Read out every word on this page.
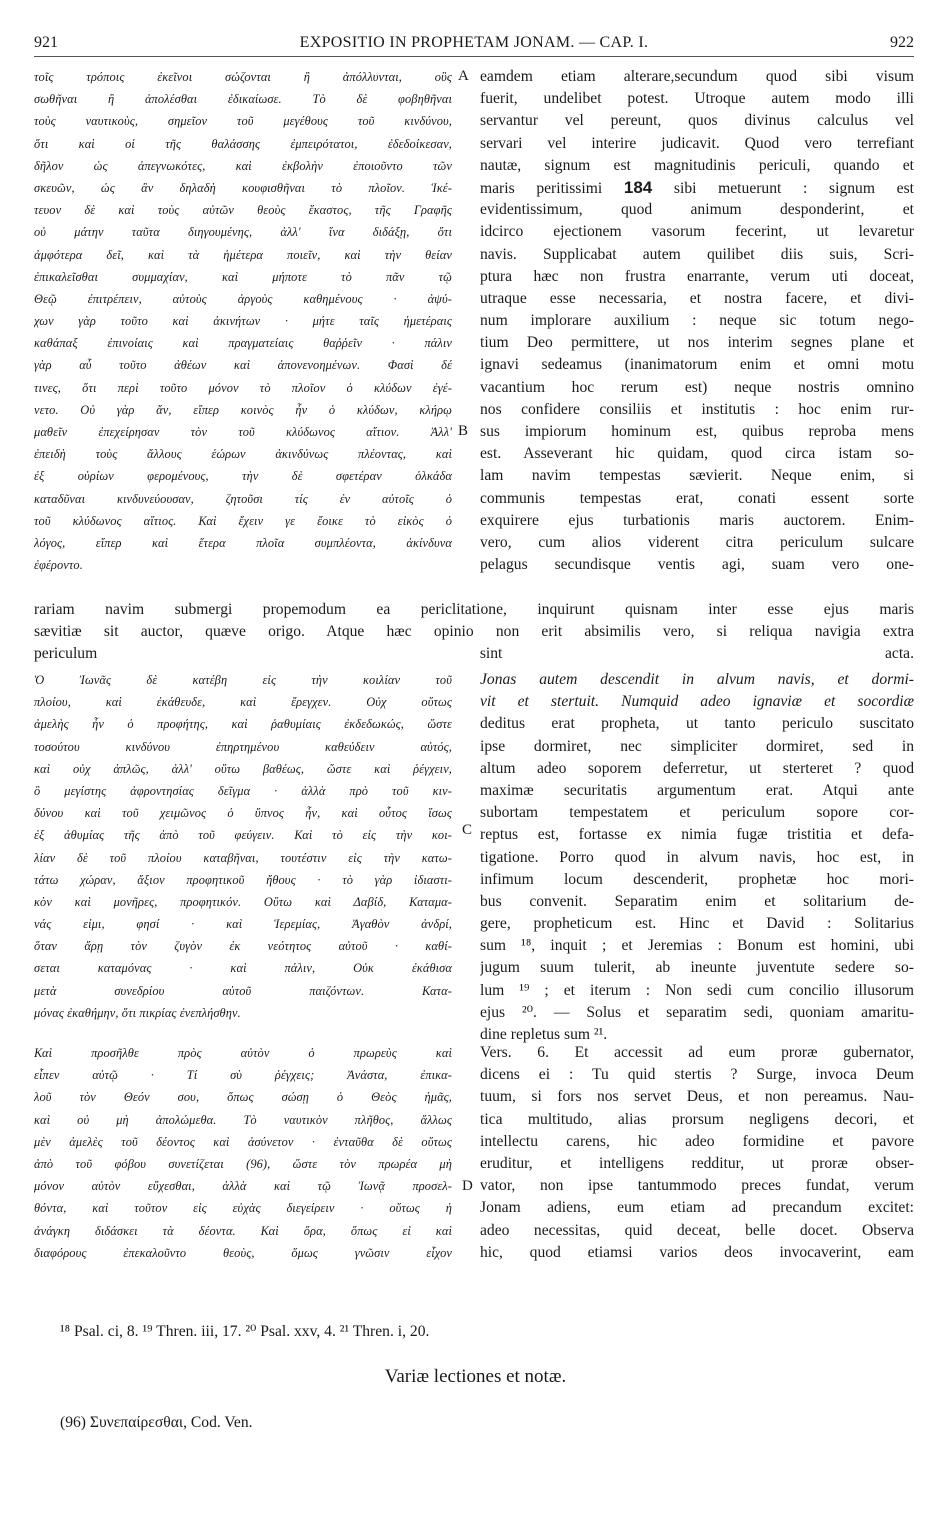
921	EXPOSITIO IN PROPHETAM JONAM. — CAP. I.	922
τοῖς τρόποις ἐκεῖνοι σώζονται ἢ ἀπόλλυνται, οὓς
σωθῆναι ἢ ἀπολέσθαι ἐδικαίωσε. Τὸ δὲ φοβηθῆναι
τοὺς ναυτικοὺς, σημεῖον τοῦ μεγέθους τοῦ κινδύνου,
ὅτι καὶ οἱ τῆς θαλάσσης ἐμπειρότατοι, ἐδεδοίκεσαν,
δῆλον ὡς ἀπεγνωκότες, καὶ ἐκβολὴν ἐποιοῦντο τῶν
σκευῶν, ὡς ἂν δηλαδὴ κουφισθῆναι τὸ πλοῖον. Ἱκέ-
τευον δὲ καὶ τοὺς αὐτῶν θεοὺς ἕκαστος, τῆς Γραφῆς
οὐ μάτην ταῦτα διηγουμένης, ἀλλ' ἵνα διδάξῃ, ὅτι
ἀμφότερα δεῖ, καὶ τὰ ἡμέτερα ποιεῖν, καὶ τὴν θείαν
ἐπικαλεῖσθαι συμμαχίαν, καὶ μήποτε τὸ πᾶν τῷ
Θεῷ ἐπιτρέπειν, αὐτοὺς ἀργοὺς καθημένους · ἀψύ-
χων γὰρ τοῦτο καὶ ἀκινήτων · μήτε ταῖς ἡμετέραις
καθάπαξ ἐπινοίαις καὶ πραγματείαις θαῤῥεῖν · πάλιν
γὰρ αὖ τοῦτο ἀθέων καὶ ἀπονενοημένων. Φασὶ δέ
τινες, ὅτι περὶ τοῦτο μόνον τὸ πλοῖον ὁ κλύδων ἐγέ-
νετο. Οὐ γὰρ ἄν, εἴπερ κοινὸς ἦν ὁ κλύδων, κλήρῳ
μαθεῖν ἐπεχείρησαν τὸν τοῦ κλύδωνος αἴτιον. Ἀλλ'
ἐπειδὴ τοὺς ἄλλους ἑώρων ἀκινδύνως πλέοντας, καὶ
ἐξ οὐρίων φερομένους, τὴν δὲ σφετέραν ὁλκάδα
καταδῦναι κινδυνεύουσαν, ζητοῦσι τίς ἐν αὐτοῖς ὁ
τοῦ κλύδωνος αἴτιος. Καὶ ἔχειν γε ἔοικε τὸ εἰκὸς ὁ
λόγος, εἴπερ καὶ ἕτερα πλοῖα συμπλέοντα, ἀκίνδυνα
ἐφέροντο.
A
B
eamdem etiam alterare,secundum quod sibi visum
fuerit, undelibet potest. Utroque autem modo illi
servantur vel pereunt, quos divinus calculus vel
servari vel interire judicavit. Quod vero terrefiant
nautæ, signum est magnitudinis periculi, quando et
maris peritissimi 184 sibi metuerunt : signum est
evidentissimum, quod animum desponderint, et
idcirco ejectionem vasorum fecerint, ut levaretur
navis. Supplicabat autem quilibet diis suis, Scri-
ptura hæc non frustra enarrante, verum uti doceat,
utraque esse necessaria, et nostra facere, et divi-
num implorare auxilium : neque sic totum nego-
tium Deo permittere, ut nos interim segnes plane et
ignavi sedeamus (inanimatorum enim et omni motu
vacantium hoc rerum est) neque nostris omnino
nos confidere consiliis et institutis : hoc enim rur-
sus impiorum hominum est, quibus reproba mens
est. Asseverant hic quidam, quod circa istam so-
lam navim tempestas sævierit. Neque enim, si
communis tempestas erat, conati essent sorte
exquirere ejus turbationis maris auctorem. Enim-
vero, cum alios viderent citra periculum sulcare
pelagus secundisque ventis agi, suam vero one-
rariam navim submergi propemodum ea periclitatione, inquirunt quisnam inter esse ejus maris
sævitiæ sit auctor, quæve origo. Atque hæc opinio non erit absimilis vero, si reliqua navigia extra
periculum sint acta.
Ὁ Ἰωνᾶς δὲ κατέβη εἰς τὴν κοιλίαν τοῦ
πλοίου, καὶ ἐκάθευδε, καὶ ἔρεγχεν. Οὐχ οὕτως
ἀμελὴς ἦν ὁ προφήτης, καὶ ῥαθυμίαις ἐκδεδωκώς, ὥστε
τοσούτου κινδύνου ἐπηρτημένου καθεύδειν αὐτός,
καὶ οὐχ ἁπλῶς, ἀλλ' οὕτω βαθέως, ὥστε καὶ ῥέγχειν,
ὃ μεγίστης ἀφροντησίας δεῖγμα · ἀλλὰ πρὸ τοῦ κιν-
δύνου καὶ τοῦ χειμῶνος ὁ ὕπνος ἦν, καὶ οὗτος ἴσως
ἐξ ἀθυμίας τῆς ἀπὸ τοῦ φεύγειν. Καὶ τὸ εἰς τὴν κοι-
λίαν δὲ τοῦ πλοίου καταβῆναι, τουτέστιν εἰς τὴν κατω-
τάτω χώραν, ἄξιον προφητικοῦ ἤθους · τὸ γὰρ ἰδιαστι-
κὸν καὶ μονῆρες, προφητικόν. Οὕτω καὶ Δαβίδ, Καταμα-
νάς εἰμι, φησί · καὶ Ἱερεμίας, Ἀγαθὸν ἀνδρί,
ὅταν ἄρῃ τὸν ζυγὸν ἐκ νεότητος αὐτοῦ · καθί-
σεται καταμόνας · καὶ πάλιν, Οὐκ ἐκάθισα
μετὰ συνεδρίου αὐτοῦ παιζόντων. Κατα-
μόνας ἐκαθήμην, ὅτι πικρίας ἐνεπλήσθην.
C
Jonas autem descendit in alvum navis, et dormi-
vit et stertuit. Numquid adeo ignaviæ et socordiæ
deditus erat propheta, ut tanto periculo suscitato
ipse dormiret, nec simpliciter dormiret, sed in
altum adeo soporem deferretur, ut sterteret ? quod
maximæ securitatis argumentum erat. Atqui ante
subortam tempestatem et periculum sopore cor-
reptus est, fortasse ex nimia fugæ tristitia et defa-
tigatione. Porro quod in alvum navis, hoc est, in
infimum locum descenderit, prophetæ hoc mori-
bus convenit. Separatim enim et solitarium de-
gere, propheticum est. Hinc et David : Solitarius
sum ¹⁸, inquit ; et Jeremias : Bonum est homini, ubi
jugum suum tulerit, ab ineunte juventute sedere so-
lum ¹⁹ ; et iterum : Non sedi cum concilio illusorum
ejus ²⁰. — Solus et separatim sedi, quoniam amaritu-
dine repletus sum ²¹.
Καὶ προσῆλθε πρὸς αὐτὸν ὁ πρωρεὺς καὶ
εἶπεν αὐτῷ · Τί σὺ ῥέγχεις; Ἀνάστα, ἐπικα-
λοῦ τὸν Θεόν σου, ὅπως σώσῃ ὁ Θεὸς ἡμᾶς,
καὶ οὐ μὴ ἀπολώμεθα. Τὸ ναυτικὸν πλῆθος, ἄλλως
μὲν ἀμελὲς τοῦ δέοντος καὶ ἀσύνετον · ἐνταῦθα δὲ οὕτως
ἀπὸ τοῦ φόβου συνετίζεται (96), ὥστε τὸν πρωρέα μὴ
μόνον αὐτὸν εὔχεσθαι, ἀλλὰ καὶ τῷ Ἰωνᾷ προσελ-
θόντα, καὶ τοῦτον εἰς εὐχὰς διεγείρειν · οὕτως ἡ
ἀνάγκη διδάσκει τὰ δέοντα. Καὶ ὅρα, ὅπως εἰ καὶ
διαφόρους ἐπεκαλοῦντο θεοὺς, ὅμως γνῶσιν εἶχον
D
Vers. 6. Et accessit ad eum proræ gubernator,
dicens ei : Tu quid stertis ? Surge, invoca Deum
tuum, si fors nos servet Deus, et non pereamus. Nau-
tica multitudo, alias prorsum negligens decori, et
intellectu carens, hic adeo formidine et pavore
eruditur, et intelligens redditur, ut proræ obser-
vator, non ipse tantummodo preces fundat, verum
Jonam adiens, eum etiam ad precandum excitet:
adeo necessitas, quid deceat, belle docet. Observa
hic, quod etiamsi varios deos invocaverint, eam
¹⁸ Psal. ci, 8. ¹⁹ Thren. iii, 17. ²⁰ Psal. xxv, 4. ²¹ Thren. i, 20.
Variæ lectiones et notæ.
(96) Συνεπαίρεσθαι, Cod. Ven.
